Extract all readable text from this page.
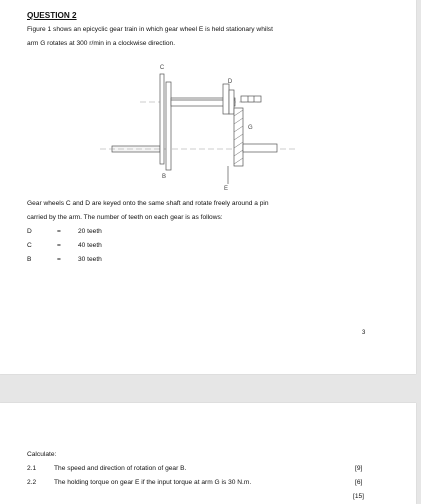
QUESTION 2
Figure 1 shows an epicyclic gear train in which gear wheel E is held stationary whilst
arm G rotates at 300 r/min in a clockwise direction.
C
D
G
B
E
Gear wheels C and D are keyed onto the same shaft and rotate freely around a pin
carried by the arm. The number of teeth on each gear is as follows:
D	=	20 teeth
C	=	40 teeth
B	=	30 teeth
3
Calculate:
2.1	The speed and direction of rotation of gear B.	[9]
2.2	The holding torque on gear E if the input torque at arm G is 30 N.m.	[6]
[15]
